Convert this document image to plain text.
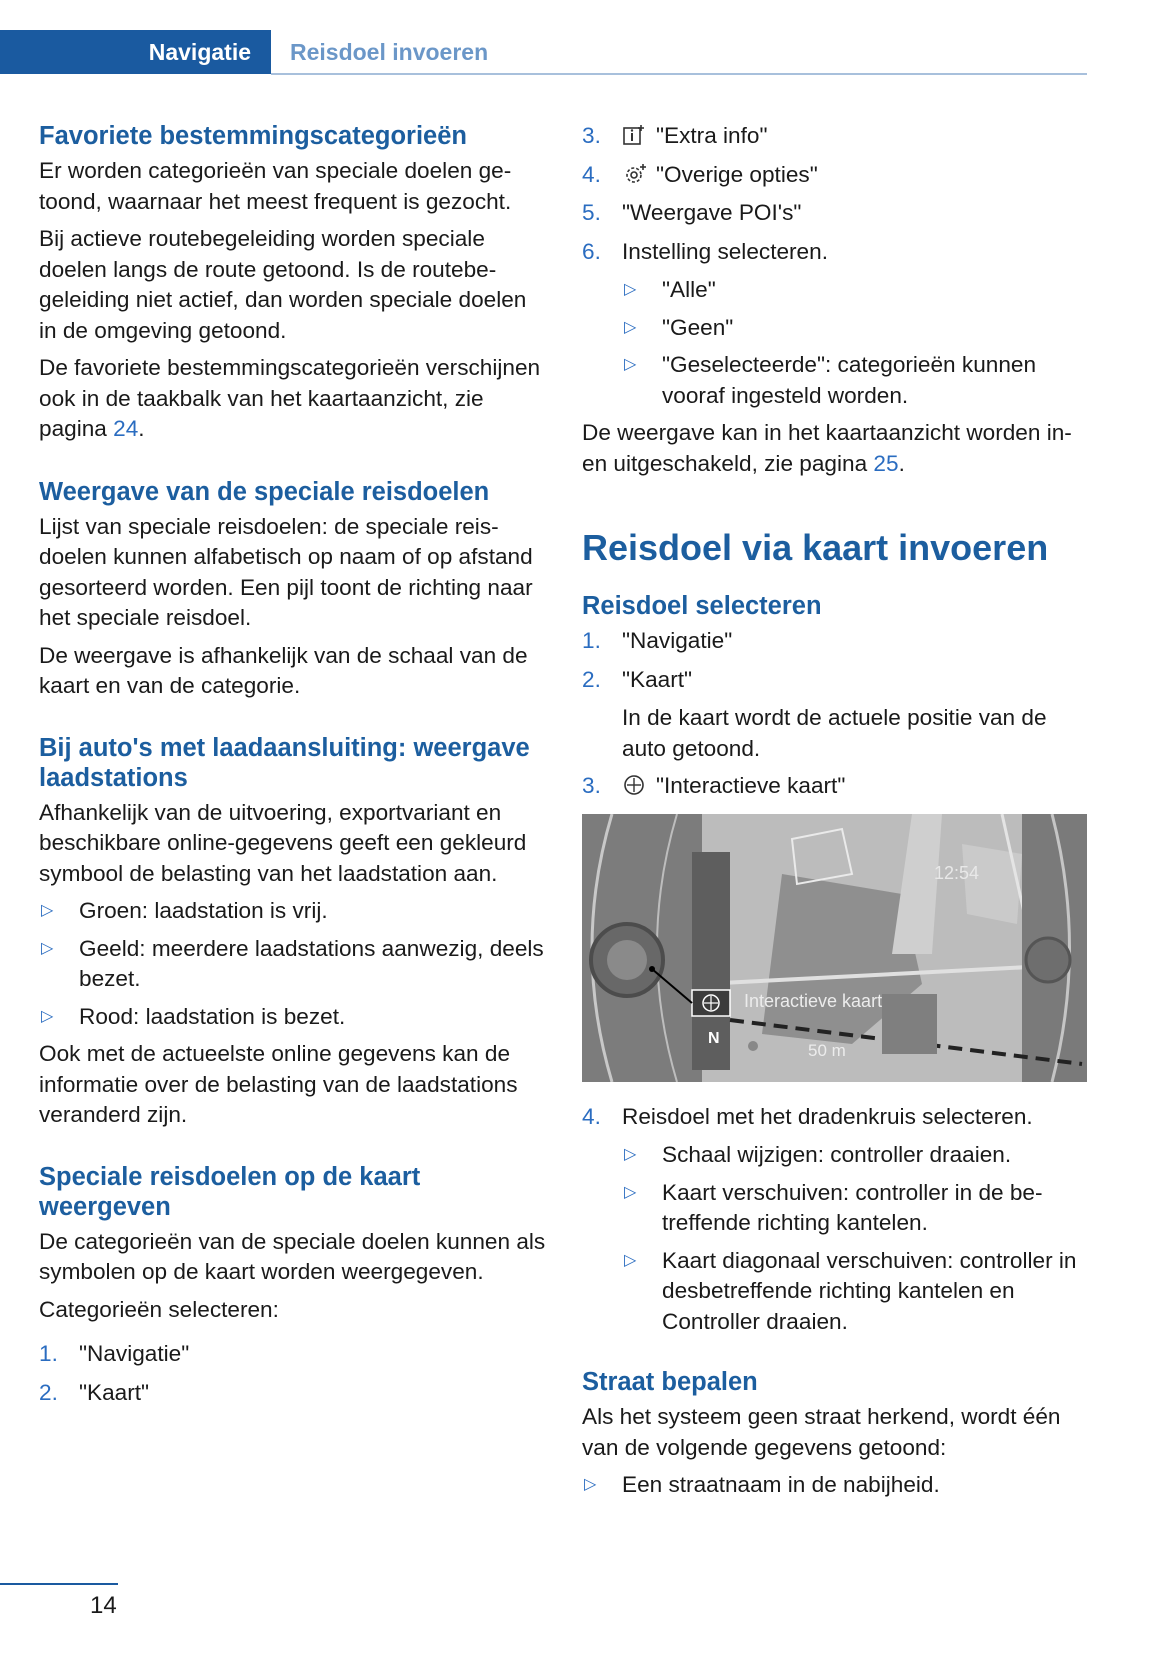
Navigatie	Reisdoel invoeren
Favoriete bestemmingscategorieën

Er worden categorieën van speciale doelen getoond, waarnaar het meest frequent is gezocht.

Bij actieve routebegeleiding worden speciale doelen langs de route getoond. Is de routebegeleiding niet actief, dan worden speciale doelen in de omgeving getoond.

De favoriete bestemmingscategorieën verschijnen ook in de taakbalk van het kaartaanzicht, zie pagina 24.

Weergave van de speciale reisdoelen

Lijst van speciale reisdoelen: de speciale reisdoelen kunnen alfabetisch op naam of op afstand gesorteerd worden. Een pijl toont de richting naar het speciale reisdoel.

De weergave is afhankelijk van de schaal van de kaart en van de categorie.

Bij auto's met laadaansluiting: weergave laadstations

Afhankelijk van de uitvoering, exportvariant en beschikbare online-gegevens geeft een gekleurd symbool de belasting van het laadstation aan.

▷	Groen: laadstation is vrij.
▷	Geeld: meerdere laadstations aanwezig, deels bezet.
▷	Rood: laadstation is bezet.

Ook met de actueelste online gegevens kan de informatie over de belasting van de laadstations veranderd zijn.

Speciale reisdoelen op de kaart weergeven

De categorieën van de speciale doelen kunnen als symbolen op de kaart worden weergegeven.

Categorieën selecteren:

1. "Navigatie"
2. "Kaart"
3.	"Extra info"
4.	"Overige opties"
5. "Weergave POI's"
6. Instelling selecteren.
▷	"Alle"
▷	"Geen"
▷	"Geselecteerde": categorieën kunnen vooraf ingesteld worden.

De weergave kan in het kaartaanzicht worden in- en uitgeschakeld, zie pagina 25.

Reisdoel via kaart invoeren
Reisdoel selecteren
1. "Navigatie"
2. "Kaart"

In de kaart wordt de actuele positie van de auto getoond.

3.	"Interactieve kaart"
12:54
Interactieve kaart
50 m
N
4. Reisdoel met het dradenkruis selecteren.
▷	Schaal wijzigen: controller draaien.
▷	Kaart verschuiven: controller in de betreffende richting kantelen.
▷	Kaart diagonaal verschuiven: controller in desbetreffende richting kantelen en Controller draaien.
Straat bepalen

Als het systeem geen straat herkend, wordt één van de volgende gegevens getoond:

▷	Een straatnaam in de nabijheid.
14
